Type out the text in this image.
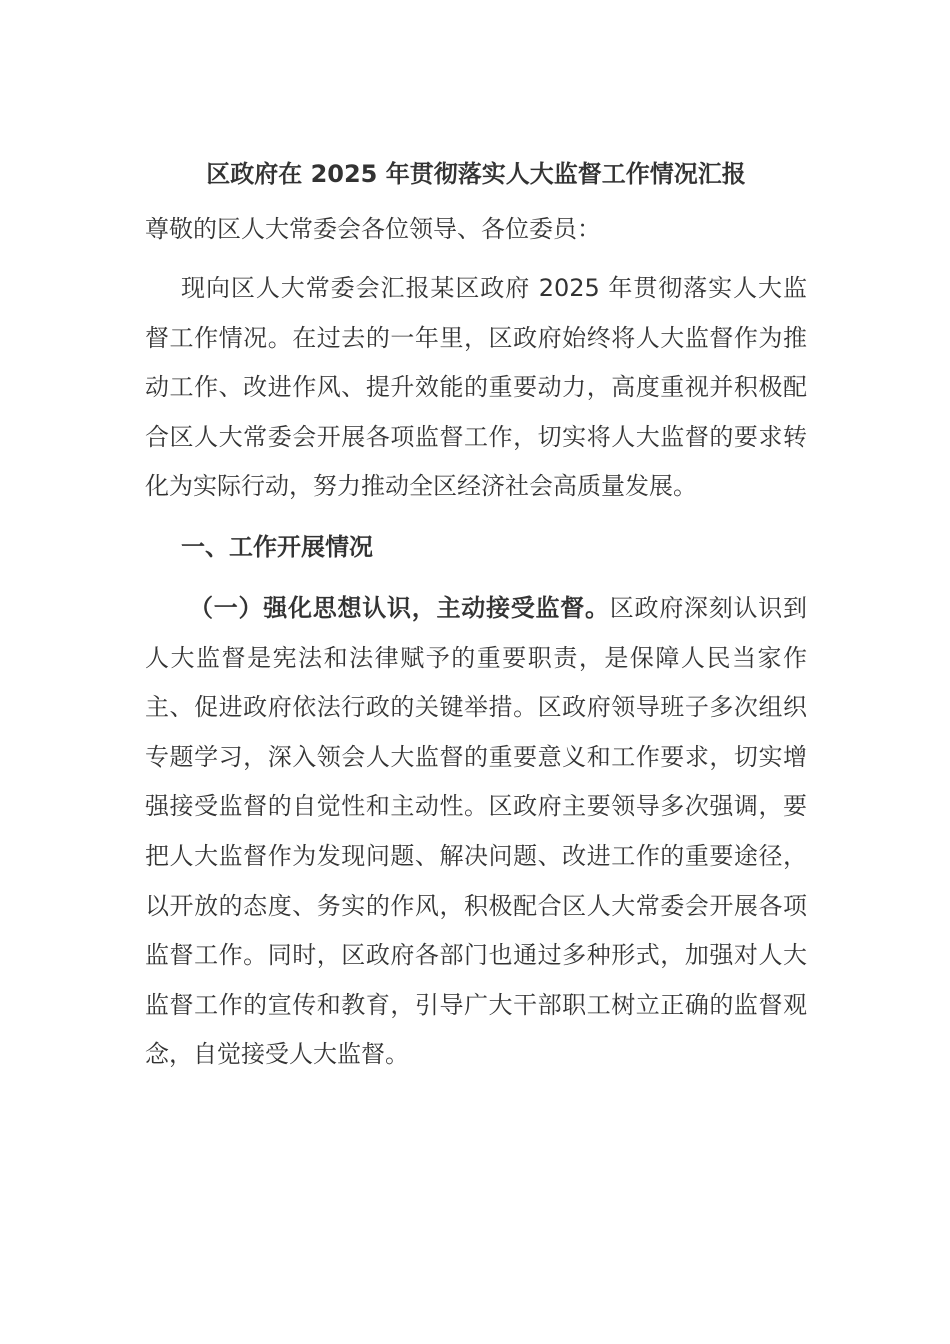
区政府在 2025 年贯彻落实人大监督工作情况汇报

尊敬的区人大常委会各位领导、各位委员：

现向区人大常委会汇报某区政府 2025 年贯彻落实人大监督工作情况。在过去的一年里，区政府始终将人大监督作为推动工作、改进作风、提升效能的重要动力，高度重视并积极配合区人大常委会开展各项监督工作，切实将人大监督的要求转化为实际行动，努力推动全区经济社会高质量发展。

一、工作开展情况

（一）强化思想认识，主动接受监督。区政府深刻认识到人大监督是宪法和法律赋予的重要职责，是保障人民当家作主、促进政府依法行政的关键举措。区政府领导班子多次组织专题学习，深入领会人大监督的重要意义和工作要求，切实增强接受监督的自觉性和主动性。区政府主要领导多次强调，要把人大监督作为发现问题、解决问题、改进工作的重要途径，以开放的态度、务实的作风，积极配合区人大常委会开展各项监督工作。同时，区政府各部门也通过多种形式，加强对人大监督工作的宣传和教育，引导广大干部职工树立正确的监督观念，自觉接受人大监督。
